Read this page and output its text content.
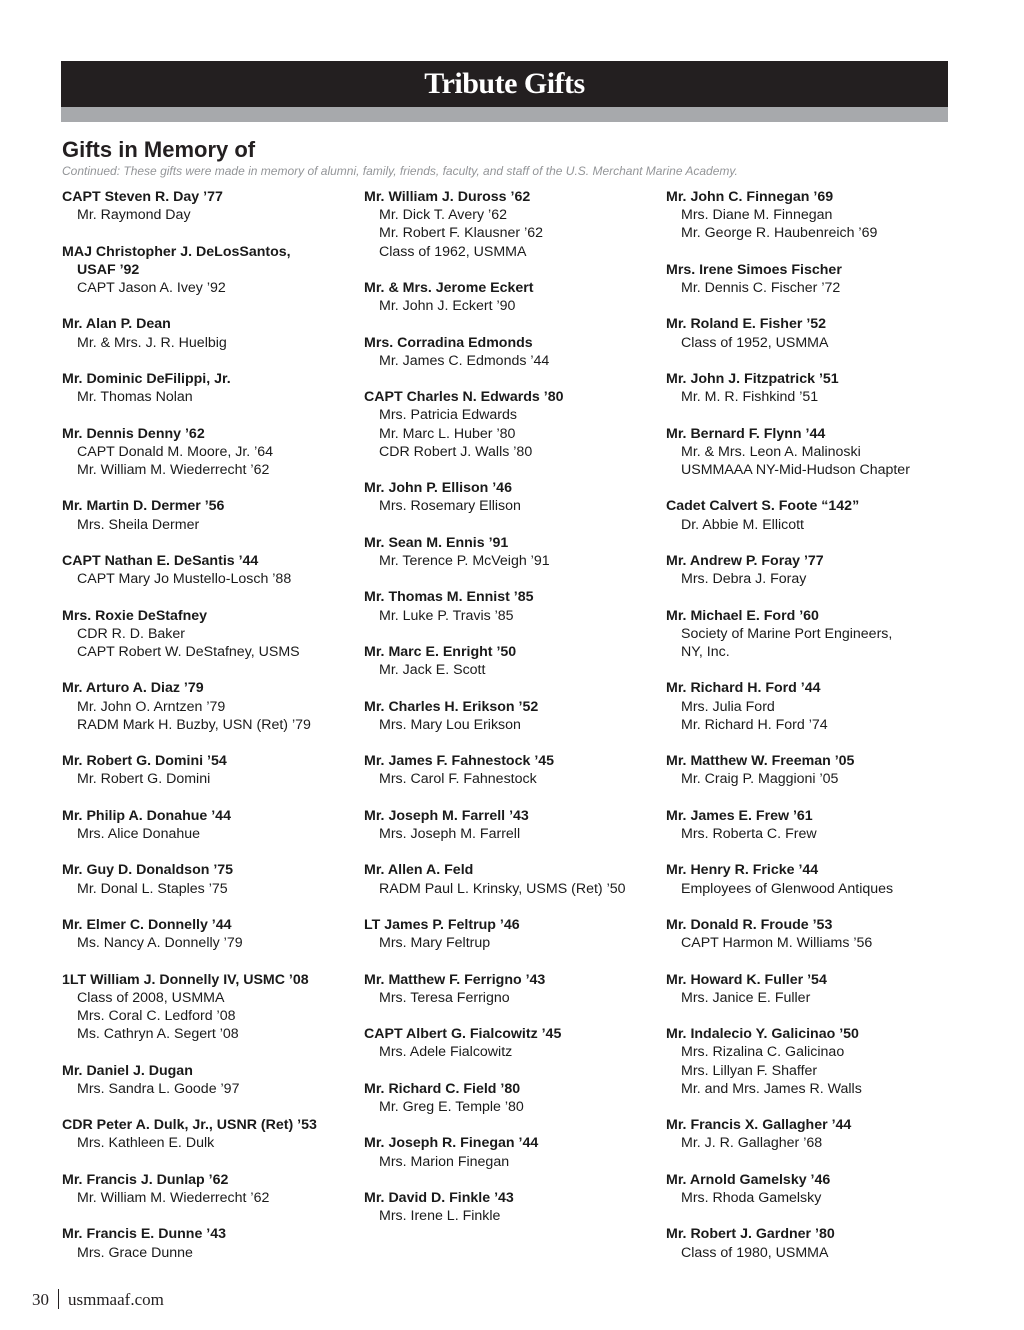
Tribute Gifts
Gifts in Memory of
Continued: These gifts were made in memory of alumni, family, friends, faculty, and staff of the U.S. Merchant Marine Academy.
CAPT Steven R. Day ’77
Mr. Raymond Day
MAJ Christopher J. DeLosSantos,
USAF ’92
CAPT Jason A. Ivey ’92
Mr. Alan P. Dean
Mr. & Mrs. J. R. Huelbig
Mr. Dominic DeFilippi, Jr.
Mr. Thomas Nolan
Mr. Dennis Denny ’62
CAPT Donald M. Moore, Jr. ’64
Mr. William M. Wiederrecht ’62
Mr. Martin D. Dermer ’56
Mrs. Sheila Dermer
CAPT Nathan E. DeSantis ’44
CAPT Mary Jo Mustello-Losch ’88
Mrs. Roxie DeStafney
CDR R. D. Baker
CAPT Robert W. DeStafney, USMS
Mr. Arturo A. Diaz ’79
Mr. John O. Arntzen ’79
RADM Mark H. Buzby, USN (Ret) ’79
Mr. Robert G. Domini ’54
Mr. Robert G. Domini
Mr. Philip A. Donahue ’44
Mrs. Alice Donahue
Mr. Guy D. Donaldson ’75
Mr. Donal L. Staples ’75
Mr. Elmer C. Donnelly ’44
Ms. Nancy A. Donnelly ’79
1LT William J. Donnelly IV, USMC ’08
Class of 2008, USMMA
Mrs. Coral C. Ledford ’08
Ms. Cathryn A. Segert ’08
Mr. Daniel J. Dugan
Mrs. Sandra L. Goode ’97
CDR Peter A. Dulk, Jr., USNR (Ret) ’53
Mrs. Kathleen E. Dulk
Mr. Francis J. Dunlap ’62
Mr. William M. Wiederrecht ’62
Mr. Francis E. Dunne ’43
Mrs. Grace Dunne
Mr. William J. Duross ’62
Mr. Dick T. Avery ’62
Mr. Robert F. Klausner ’62
Class of 1962, USMMA
Mr. & Mrs. Jerome Eckert
Mr. John J. Eckert ’90
Mrs. Corradina Edmonds
Mr. James C. Edmonds ’44
CAPT Charles N. Edwards ’80
Mrs. Patricia Edwards
Mr. Marc L. Huber ’80
CDR Robert J. Walls ’80
Mr. John P. Ellison ’46
Mrs. Rosemary Ellison
Mr. Sean M. Ennis ’91
Mr. Terence P. McVeigh ’91
Mr. Thomas M. Ennist ’85
Mr. Luke P. Travis ’85
Mr. Marc E. Enright ’50
Mr. Jack E. Scott
Mr. Charles H. Erikson ’52
Mrs. Mary Lou Erikson
Mr. James F. Fahnestock ’45
Mrs. Carol F. Fahnestock
Mr. Joseph M. Farrell ’43
Mrs. Joseph M. Farrell
Mr. Allen A. Feld
RADM Paul L. Krinsky, USMS (Ret) ’50
LT James P. Feltrup ’46
Mrs. Mary Feltrup
Mr. Matthew F. Ferrigno ’43
Mrs. Teresa Ferrigno
CAPT Albert G. Fialcowitz ’45
Mrs. Adele Fialcowitz
Mr. Richard C. Field ’80
Mr. Greg E. Temple ’80
Mr. Joseph R. Finegan ’44
Mrs. Marion Finegan
Mr. David D. Finkle ’43
Mrs. Irene L. Finkle
Mr. John C. Finnegan ’69
Mrs. Diane M. Finnegan
Mr. George R. Haubenreich ’69
Mrs. Irene Simoes Fischer
Mr. Dennis C. Fischer ’72
Mr. Roland E. Fisher ’52
Class of 1952, USMMA
Mr. John J. Fitzpatrick ’51
Mr. M. R. Fishkind ’51
Mr. Bernard F. Flynn ’44
Mr. & Mrs. Leon A. Malinoski
USMMAAA NY-Mid-Hudson Chapter
Cadet Calvert S. Foote “142”
Dr. Abbie M. Ellicott
Mr. Andrew P. Foray ’77
Mrs. Debra J. Foray
Mr. Michael E. Ford ’60
Society of Marine Port Engineers,
NY, Inc.
Mr. Richard H. Ford ’44
Mrs. Julia Ford
Mr. Richard H. Ford ’74
Mr. Matthew W. Freeman ’05
Mr. Craig P. Maggioni ’05
Mr. James E. Frew ’61
Mrs. Roberta C. Frew
Mr. Henry R. Fricke ’44
Employees of Glenwood Antiques
Mr. Donald R. Froude ’53
CAPT Harmon M. Williams ’56
Mr. Howard K. Fuller ’54
Mrs. Janice E. Fuller
Mr. Indalecio Y. Galicinao ’50
Mrs. Rizalina C. Galicinao
Mrs. Lillyan F. Shaffer
Mr. and Mrs. James R. Walls
Mr. Francis X. Gallagher ’44
Mr. J. R. Gallagher ’68
Mr. Arnold Gamelsky ’46
Mrs. Rhoda Gamelsky
Mr. Robert J. Gardner ’80
Class of 1980, USMMA
30 usmmaaf.com
